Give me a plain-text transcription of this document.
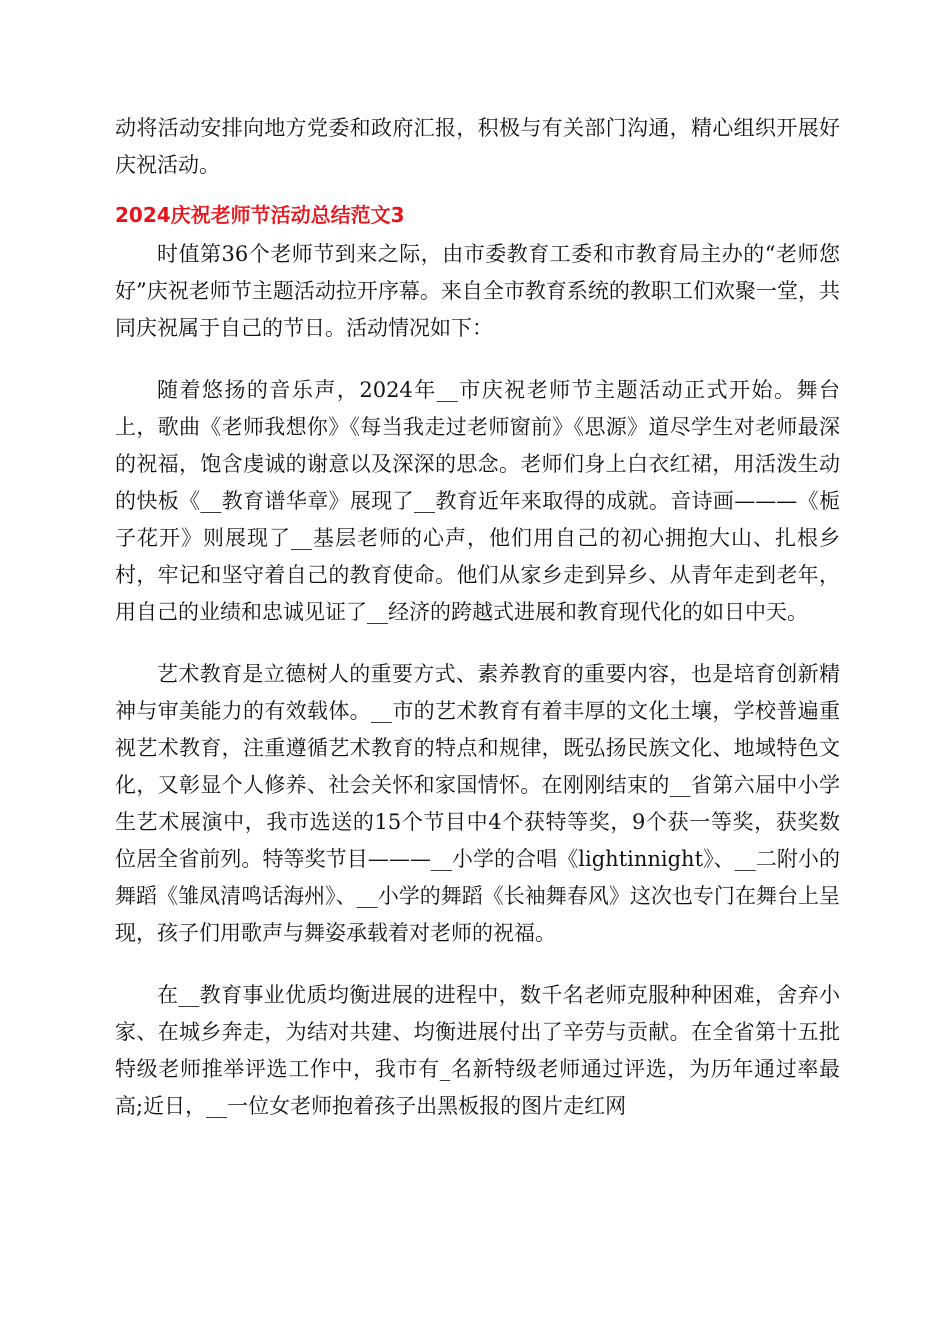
动将活动安排向地方党委和政府汇报，积极与有关部门沟通，精心组织开展好庆祝活动。

2024庆祝老师节活动总结范文3

时值第36个老师节到来之际，由市委教育工委和市教育局主办的“老师您好”庆祝老师节主题活动拉开序幕。来自全市教育系统的教职工们欢聚一堂，共同庆祝属于自己的节日。活动情况如下：

随着悠扬的音乐声，2024年__市庆祝老师节主题活动正式开始。舞台上，歌曲《老师我想你》《每当我走过老师窗前》《思源》道尽学生对老师最深的祝福，饱含虔诚的谢意以及深深的思念。老师们身上白衣红裙，用活泼生动的快板《__教育谱华章》展现了__教育近年来取得的成就。音诗画———《栀子花开》则展现了__基层老师的心声，他们用自己的初心拥抱大山、扎根乡村，牢记和坚守着自己的教育使命。他们从家乡走到异乡、从青年走到老年，用自己的业绩和忠诚见证了__经济的跨越式进展和教育现代化的如日中天。

艺术教育是立德树人的重要方式、素养教育的重要内容，也是培育创新精神与审美能力的有效载体。__市的艺术教育有着丰厚的文化土壤，学校普遍重视艺术教育，注重遵循艺术教育的特点和规律，既弘扬民族文化、地域特色文化，又彰显个人修养、社会关怀和家国情怀。在刚刚结束的__省第六届中小学生艺术展演中，我市选送的15个节目中4个获特等奖，9个获一等奖，获奖数位居全省前列。特等奖节目———__小学的合唱《lightinnight》、__二附小的舞蹈《雏凤清鸣话海州》、__小学的舞蹈《长袖舞春风》这次也专门在舞台上呈现，孩子们用歌声与舞姿承载着对老师的祝福。

在__教育事业优质均衡进展的进程中，数千名老师克服种种困难，舍弃小家、在城乡奔走，为结对共建、均衡进展付出了辛劳与贡献。在全省第十五批特级老师推举评选工作中，我市有_名新特级老师通过评选，为历年通过率最高;近日，__一位女老师抱着孩子出黑板报的图片走红网
